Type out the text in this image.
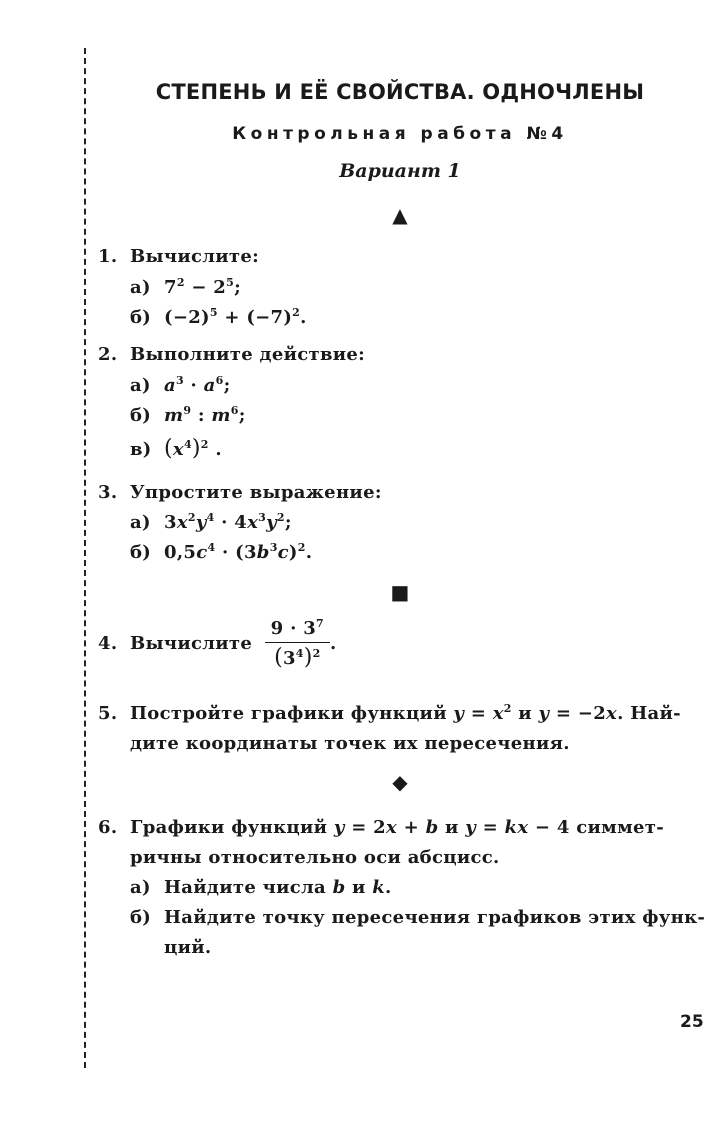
СТЕПЕНЬ И ЕЁ СВОЙСТВА. ОДНОЧЛЕНЫ
Контрольная работа №4
Вариант 1
▲
1. Вычислите:
а) $7^2 - 2^5$;
б) $(-2)^5 + (-7)^2$.
2. Выполните действие:
а) $a^3 \cdot a^6$;
б) $m^9$ : $m^6$;
в) $(x^4)^2$ .
3. Упростите выражение:
а) $3x^2y^4 \cdot 4x^3y^2$;
б) $0,5c^4 \cdot (3b^3c)^2$.
■
4. Вычислите $\frac{9 \cdot 3^7}{(3^4)^2}$ .
5. Постройте графики функций $y = x^2$ и y = −2x. Най-
дите координаты точек их пересечения.
◆
6. Графики функций y = 2x + b и y = kx − 4 симмет-
ричны относительно оси абсцисс.
а) Найдите числа b и k.
б) Найдите точку пересечения графиков этих функ-
ций.
25
